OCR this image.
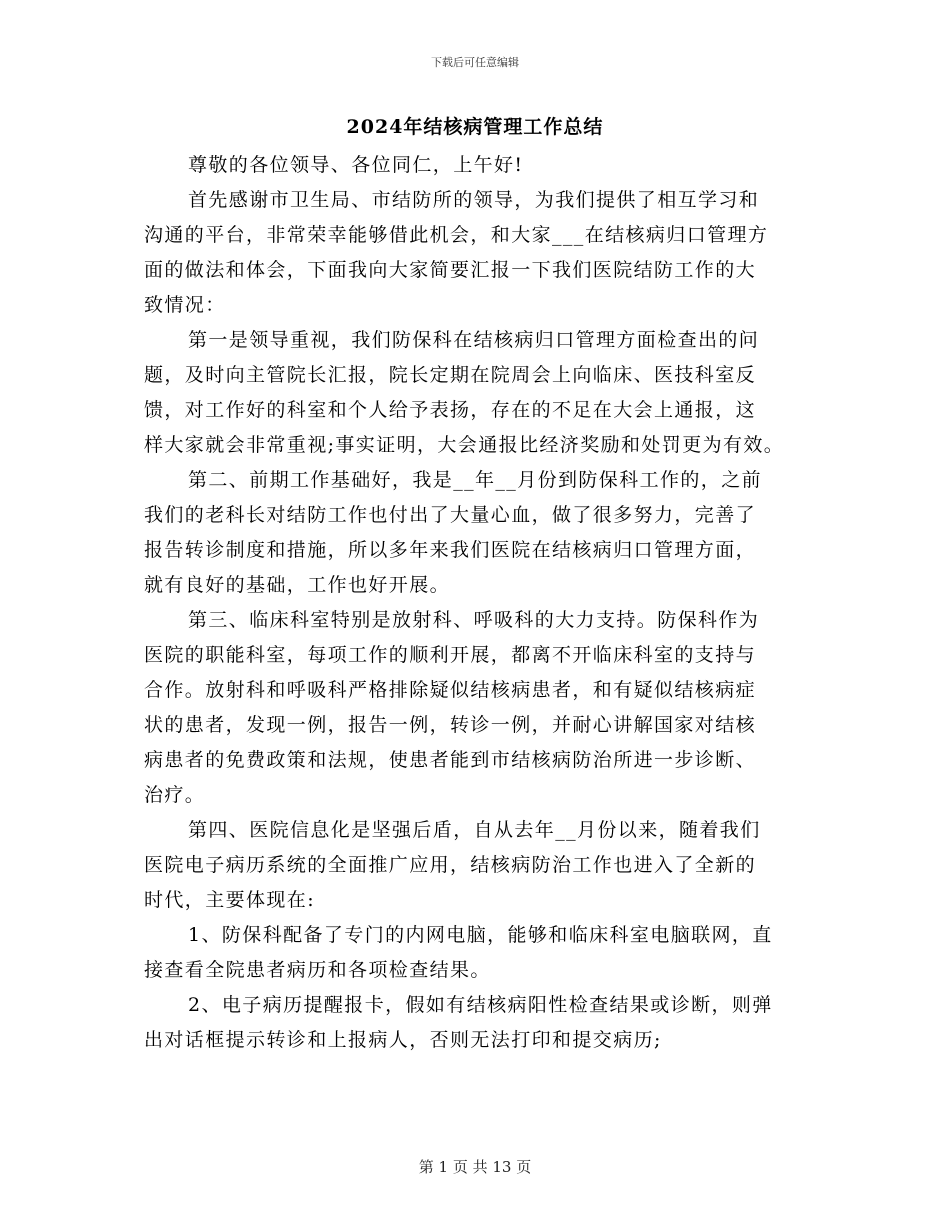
下载后可任意编辑
2024年结核病管理工作总结
尊敬的各位领导、各位同仁，上午好!
首先感谢市卫生局、市结防所的领导，为我们提供了相互学习和
沟通的平台，非常荣幸能够借此机会，和大家___在结核病归口管理方
面的做法和体会，下面我向大家简要汇报一下我们医院结防工作的大
致情况：
第一是领导重视，我们防保科在结核病归口管理方面检查出的问
题，及时向主管院长汇报，院长定期在院周会上向临床、医技科室反
馈，对工作好的科室和个人给予表扬，存在的不足在大会上通报，这
样大家就会非常重视;事实证明，大会通报比经济奖励和处罚更为有效。
第二、前期工作基础好，我是__年__月份到防保科工作的，之前
我们的老科长对结防工作也付出了大量心血，做了很多努力，完善了
报告转诊制度和措施，所以多年来我们医院在结核病归口管理方面，
就有良好的基础，工作也好开展。
第三、临床科室特别是放射科、呼吸科的大力支持。防保科作为
医院的职能科室，每项工作的顺利开展，都离不开临床科室的支持与
合作。放射科和呼吸科严格排除疑似结核病患者，和有疑似结核病症
状的患者，发现一例，报告一例，转诊一例，并耐心讲解国家对结核
病患者的免费政策和法规，使患者能到市结核病防治所进一步诊断、
治疗。
第四、医院信息化是坚强后盾，自从去年__月份以来，随着我们
医院电子病历系统的全面推广应用，结核病防治工作也进入了全新的
时代，主要体现在:
1、防保科配备了专门的内网电脑，能够和临床科室电脑联网，直
接查看全院患者病历和各项检查结果。
2、电子病历提醒报卡，假如有结核病阳性检查结果或诊断，则弹
出对话框提示转诊和上报病人，否则无法打印和提交病历;
第 1 页 共 13 页
